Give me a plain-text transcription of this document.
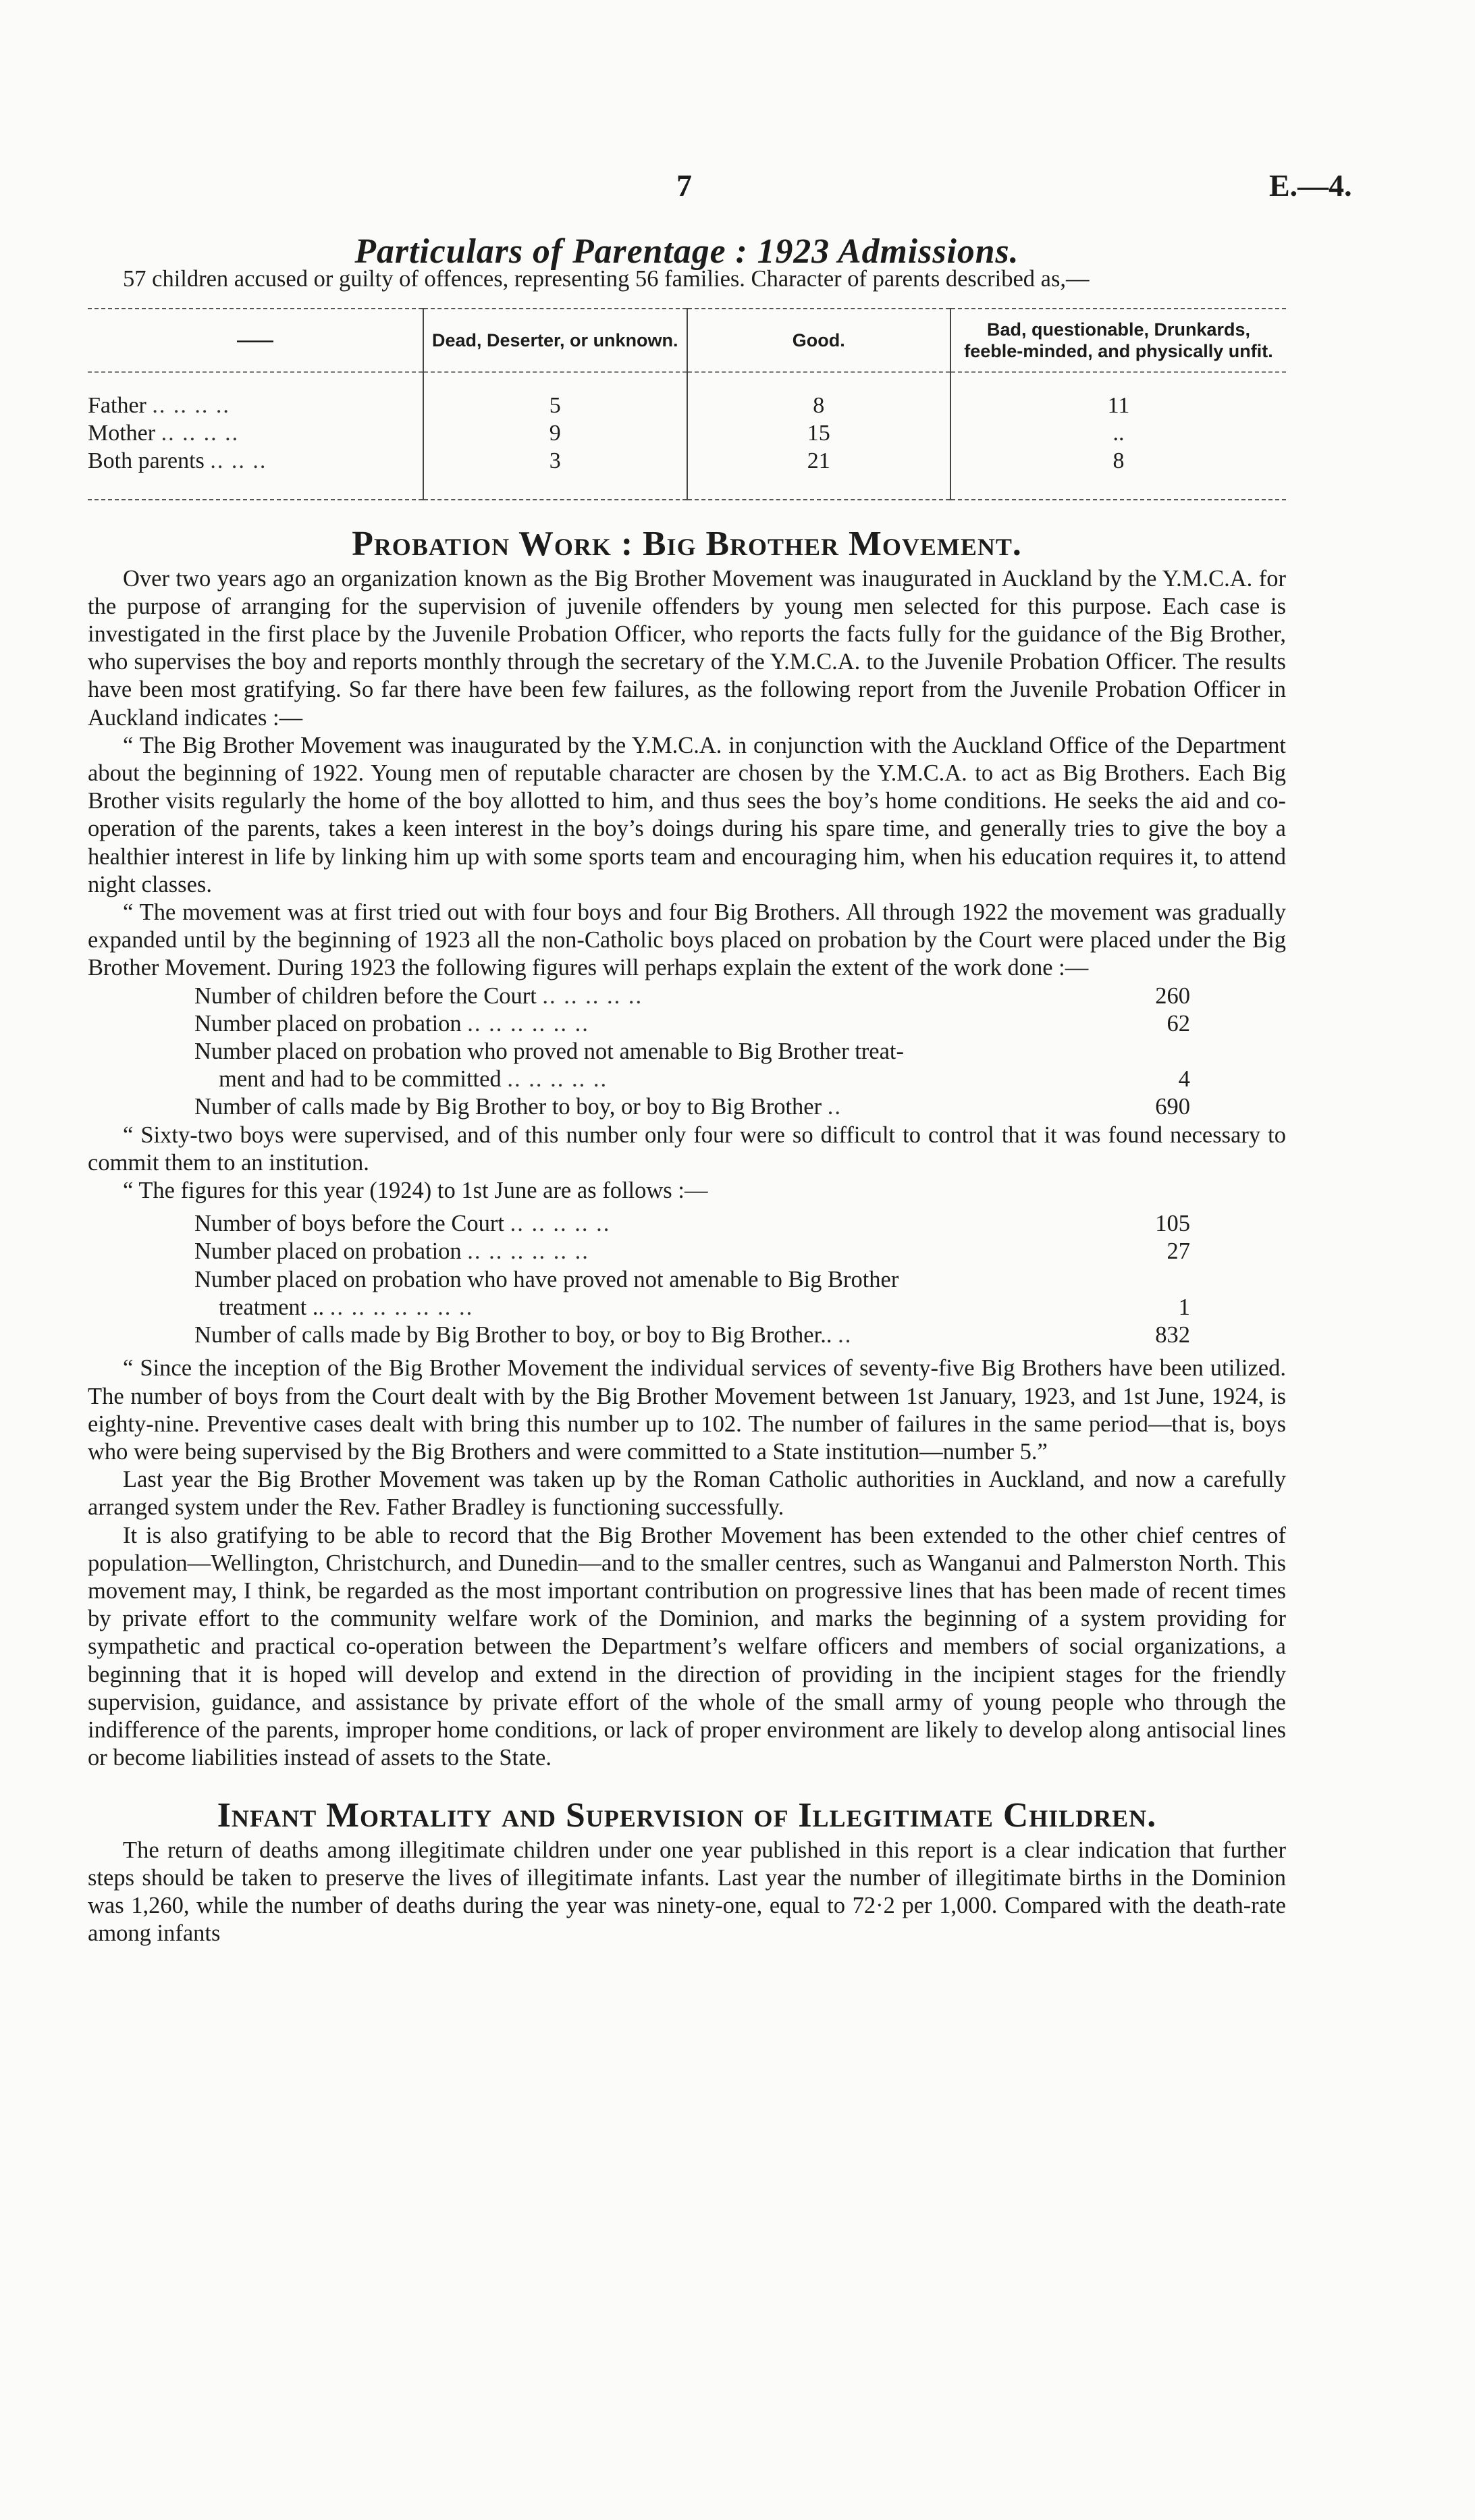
7	E.—4.
Particulars of Parentage : 1923 Admissions.

57 children accused or guilty of offences, representing 56 families. Character of parents described as,—

——	Dead, Deserter, or unknown.	Good.	Bad, questionable, Drunkards, feeble-minded, and physically unfit.
Father .. .. .. ..	5	8	11
Mother .. .. .. ..	9	15	..
Both parents .. .. ..	3	21	8
Probation Work : Big Brother Movement.

Over two years ago an organization known as the Big Brother Movement was inaugurated in Auckland by the Y.M.C.A. for the purpose of arranging for the supervision of juvenile offenders by young men selected for this purpose. Each case is investigated in the first place by the Juvenile Probation Officer, who reports the facts fully for the guidance of the Big Brother, who supervises the boy and reports monthly through the secretary of the Y.M.C.A. to the Juvenile Probation Officer. The results have been most gratifying. So far there have been few failures, as the following report from the Juvenile Probation Officer in Auckland indicates :—

“ The Big Brother Movement was inaugurated by the Y.M.C.A. in conjunction with the Auckland Office of the Department about the beginning of 1922. Young men of reputable character are chosen by the Y.M.C.A. to act as Big Brothers. Each Big Brother visits regularly the home of the boy allotted to him, and thus sees the boy’s home conditions. He seeks the aid and co-operation of the parents, takes a keen interest in the boy’s doings during his spare time, and generally tries to give the boy a healthier interest in life by linking him up with some sports team and encouraging him, when his education requires it, to attend night classes.

“ The movement was at first tried out with four boys and four Big Brothers. All through 1922 the movement was gradually expanded until by the beginning of 1923 all the non-Catholic boys placed on probation by the Court were placed under the Big Brother Movement. During 1923 the following figures will perhaps explain the extent of the work done :—

Number of children before the Court .. .. .. .. ..	260
Number placed on probation .. .. .. .. .. ..	62
Number placed on probation who proved not amenable to Big Brother treat-
ment and had to be committed .. .. .. .. ..	4
Number of calls made by Big Brother to boy, or boy to Big Brother ..	690

“ Sixty-two boys were supervised, and of this number only four were so difficult to control that it was found necessary to commit them to an institution.

“ The figures for this year (1924) to 1st June are as follows :—

Number of boys before the Court .. .. .. .. ..	105
Number placed on probation .. .. .. .. .. ..	27
Number placed on probation who have proved not amenable to Big Brother
treatment .. .. .. .. .. .. .. ..	1
Number of calls made by Big Brother to boy, or boy to Big Brother.. ..	832

“ Since the inception of the Big Brother Movement the individual services of seventy-five Big Brothers have been utilized. The number of boys from the Court dealt with by the Big Brother Movement between 1st January, 1923, and 1st June, 1924, is eighty-nine. Preventive cases dealt with bring this number up to 102. The number of failures in the same period—that is, boys who were being supervised by the Big Brothers and were committed to a State institution—number 5.”

Last year the Big Brother Movement was taken up by the Roman Catholic authorities in Auckland, and now a carefully arranged system under the Rev. Father Bradley is functioning successfully.

It is also gratifying to be able to record that the Big Brother Movement has been extended to the other chief centres of population—Wellington, Christchurch, and Dunedin—and to the smaller centres, such as Wanganui and Palmerston North. This movement may, I think, be regarded as the most important contribution on progressive lines that has been made of recent times by private effort to the community welfare work of the Dominion, and marks the beginning of a system providing for sympathetic and practical co-operation between the Department’s welfare officers and members of social organizations, a beginning that it is hoped will develop and extend in the direction of providing in the incipient stages for the friendly supervision, guidance, and assistance by private effort of the whole of the small army of young people who through the indifference of the parents, improper home conditions, or lack of proper environment are likely to develop along antisocial lines or become liabilities instead of assets to the State.

Infant Mortality and Supervision of Illegitimate Children.

The return of deaths among illegitimate children under one year published in this report is a clear indication that further steps should be taken to preserve the lives of illegitimate infants. Last year the number of illegitimate births in the Dominion was 1,260, while the number of deaths during the year was ninety-one, equal to 72·2 per 1,000. Compared with the death-rate among infants
